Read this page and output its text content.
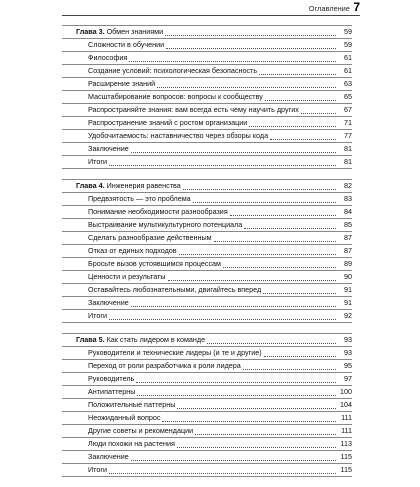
Оглавление 7
Глава 3. Обмен знаниями	59
Сложности в обучении	59
Философия	61
Создание условий: психологическая безопасность	61
Расширение знаний	63
Масштабирование вопросов: вопросы к сообществу	65
Распространяйте знания: вам всегда есть чему научить других	67
Распространение знаний с ростом организации	71
Удобочитаемость: наставничество через обзоры кода	77
Заключение	81
Итоги	81
Глава 4. Инженерия равенства	82
Предвзятость — это проблема	83
Понимание необходимости разнообразия	84
Выстраивание мультикультурного потенциала	85
Сделать разнообразие действенным	87
Отказ от единых подходов	87
Бросьте вызов устоявшимся процессам	89
Ценности и результаты	90
Оставайтесь любознательными, двигайтесь вперед	91
Заключение	91
Итоги	92
Глава 5. Как стать лидером в команде	93
Руководители и технические лидеры (и те и другие)	93
Переход от роли разработчика к роли лидера	95
Руководитель	97
Антипаттерны	100
Положительные паттерны	104
Неожиданный вопрос	111
Другие советы и рекомендации	111
Люди похожи на растения	113
Заключение	115
Итоги	115
